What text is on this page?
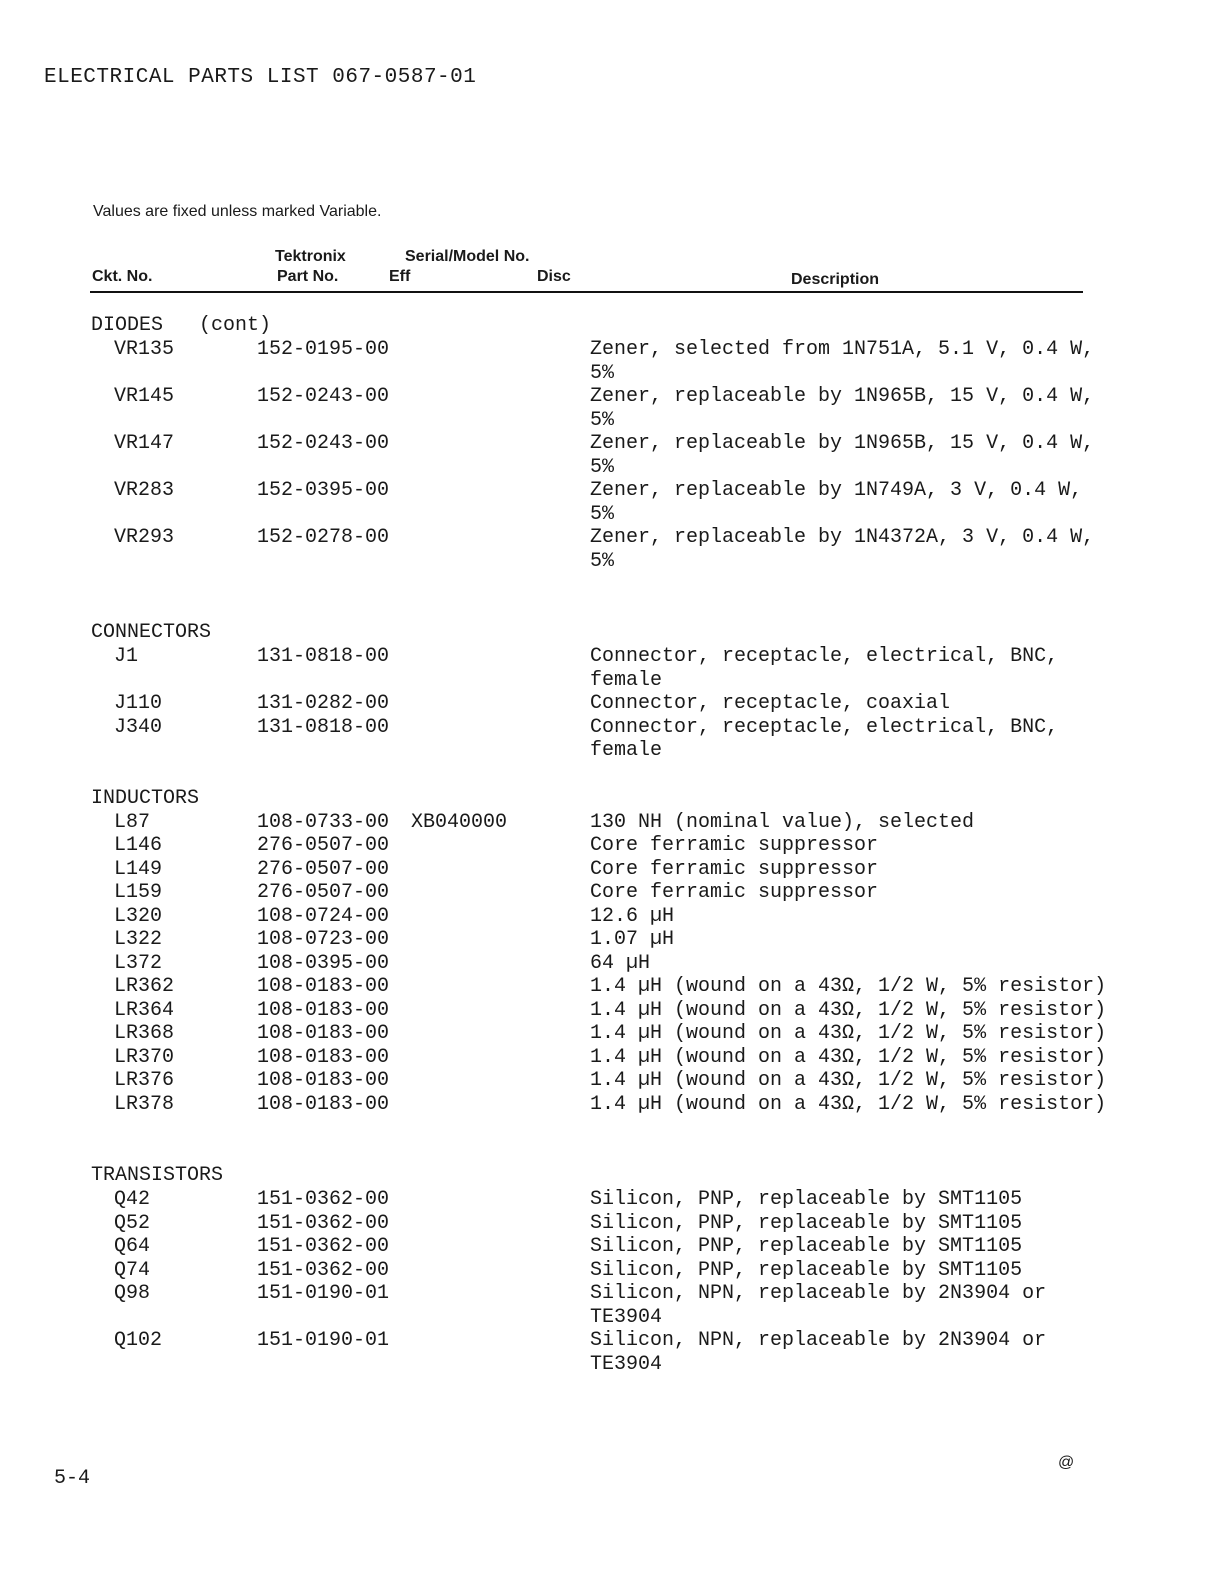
ELECTRICAL PARTS LIST 067-0587-01
Values are fixed unless marked Variable.
Tektronix	Serial/Model No.
Ckt. No.	Part No.	Eff	Disc	Description
DIODES   (cont)
VR135	152-0195-00	Zener, selected from 1N751A, 5.1 V, 0.4 W, 5%
VR145	152-0243-00	Zener, replaceable by 1N965B, 15 V, 0.4 W, 5%
VR147	152-0243-00	Zener, replaceable by 1N965B, 15 V, 0.4 W, 5%
VR283	152-0395-00	Zener, replaceable by 1N749A, 3 V, 0.4 W, 5%
VR293	152-0278-00	Zener, replaceable by 1N4372A, 3 V, 0.4 W, 5%
CONNECTORS
J1	131-0818-00	Connector, receptacle, electrical, BNC, female
J110	131-0282-00	Connector, receptacle, coaxial
J340	131-0818-00	Connector, receptacle, electrical, BNC, female
INDUCTORS
L87	108-0733-00 XB040000	130 NH (nominal value), selected
L146	276-0507-00	Core ferramic suppressor
L149	276-0507-00	Core ferramic suppressor
L159	276-0507-00	Core ferramic suppressor
L320	108-0724-00	12.6 µH
L322	108-0723-00	1.07 µH
L372	108-0395-00	64 µH
LR362	108-0183-00	1.4 µH (wound on a 43Ω, 1/2 W, 5% resistor)
LR364	108-0183-00	1.4 µH (wound on a 43Ω, 1/2 W, 5% resistor)
LR368	108-0183-00	1.4 µH (wound on a 43Ω, 1/2 W, 5% resistor)
LR370	108-0183-00	1.4 µH (wound on a 43Ω, 1/2 W, 5% resistor)
LR376	108-0183-00	1.4 µH (wound on a 43Ω, 1/2 W, 5% resistor)
LR378	108-0183-00	1.4 µH (wound on a 43Ω, 1/2 W, 5% resistor)
TRANSISTORS
Q42	151-0362-00	Silicon, PNP, replaceable by SMT1105
Q52	151-0362-00	Silicon, PNP, replaceable by SMT1105
Q64	151-0362-00	Silicon, PNP, replaceable by SMT1105
Q74	151-0362-00	Silicon, PNP, replaceable by SMT1105
Q98	151-0190-01	Silicon, NPN, replaceable by 2N3904 or TE3904
Q102	151-0190-01	Silicon, NPN, replaceable by 2N3904 or TE3904
5-4
@
